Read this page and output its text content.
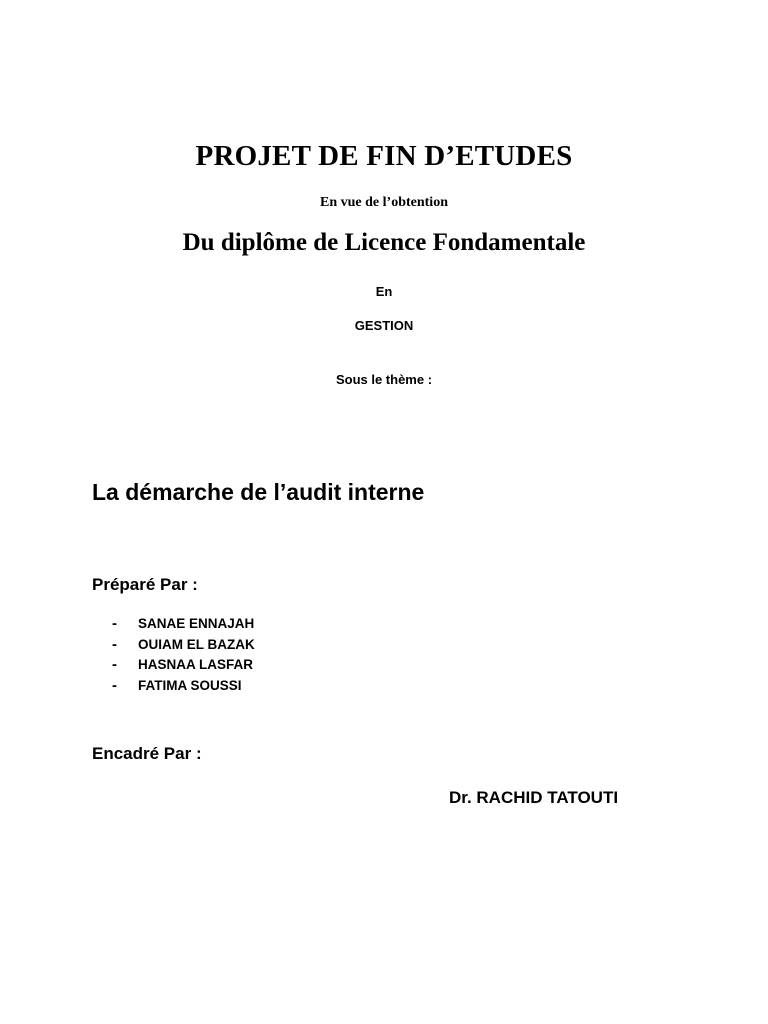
PROJET DE FIN D’ETUDES

En vue de l’obtention

Du diplôme de Licence Fondamentale

En

GESTION

Sous le thème :

La démarche de l’audit interne

Préparé Par :

- SANAE ENNAJAH
- OUIAM EL BAZAK
- HASNAA LASFAR
- FATIMA SOUSSI

Encadré Par :

Dr. RACHID TATOUTI
